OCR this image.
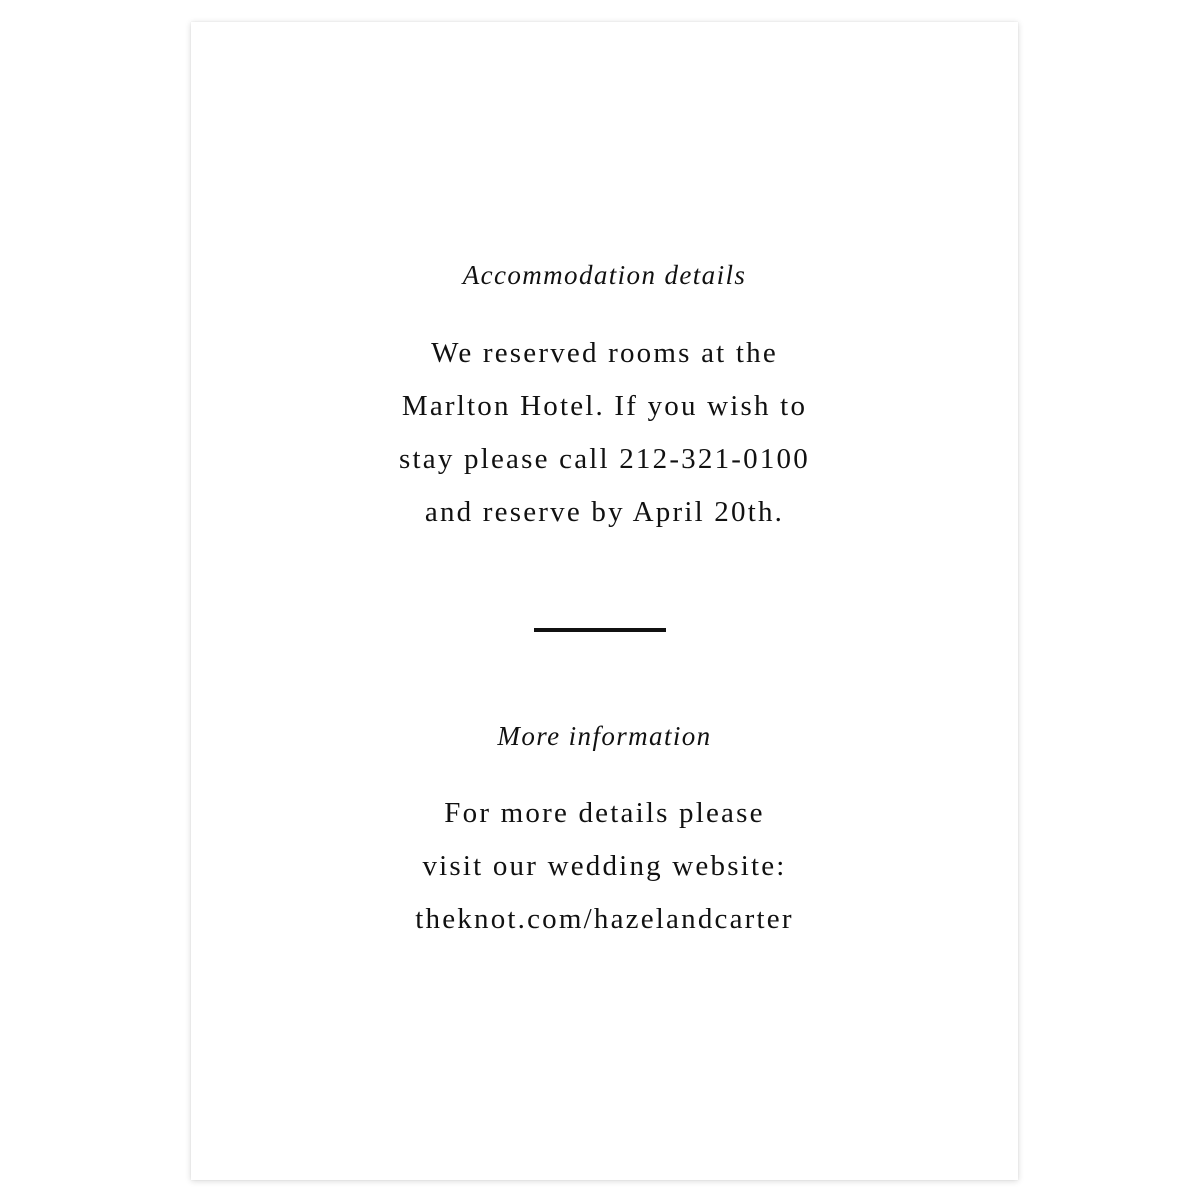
Accommodation details
We reserved rooms at the
Marlton Hotel. If you wish to
stay please call 212-321-0100
and reserve by April 20th.
More information
For more details please
visit our wedding website:
theknot.com/hazelandcarter
